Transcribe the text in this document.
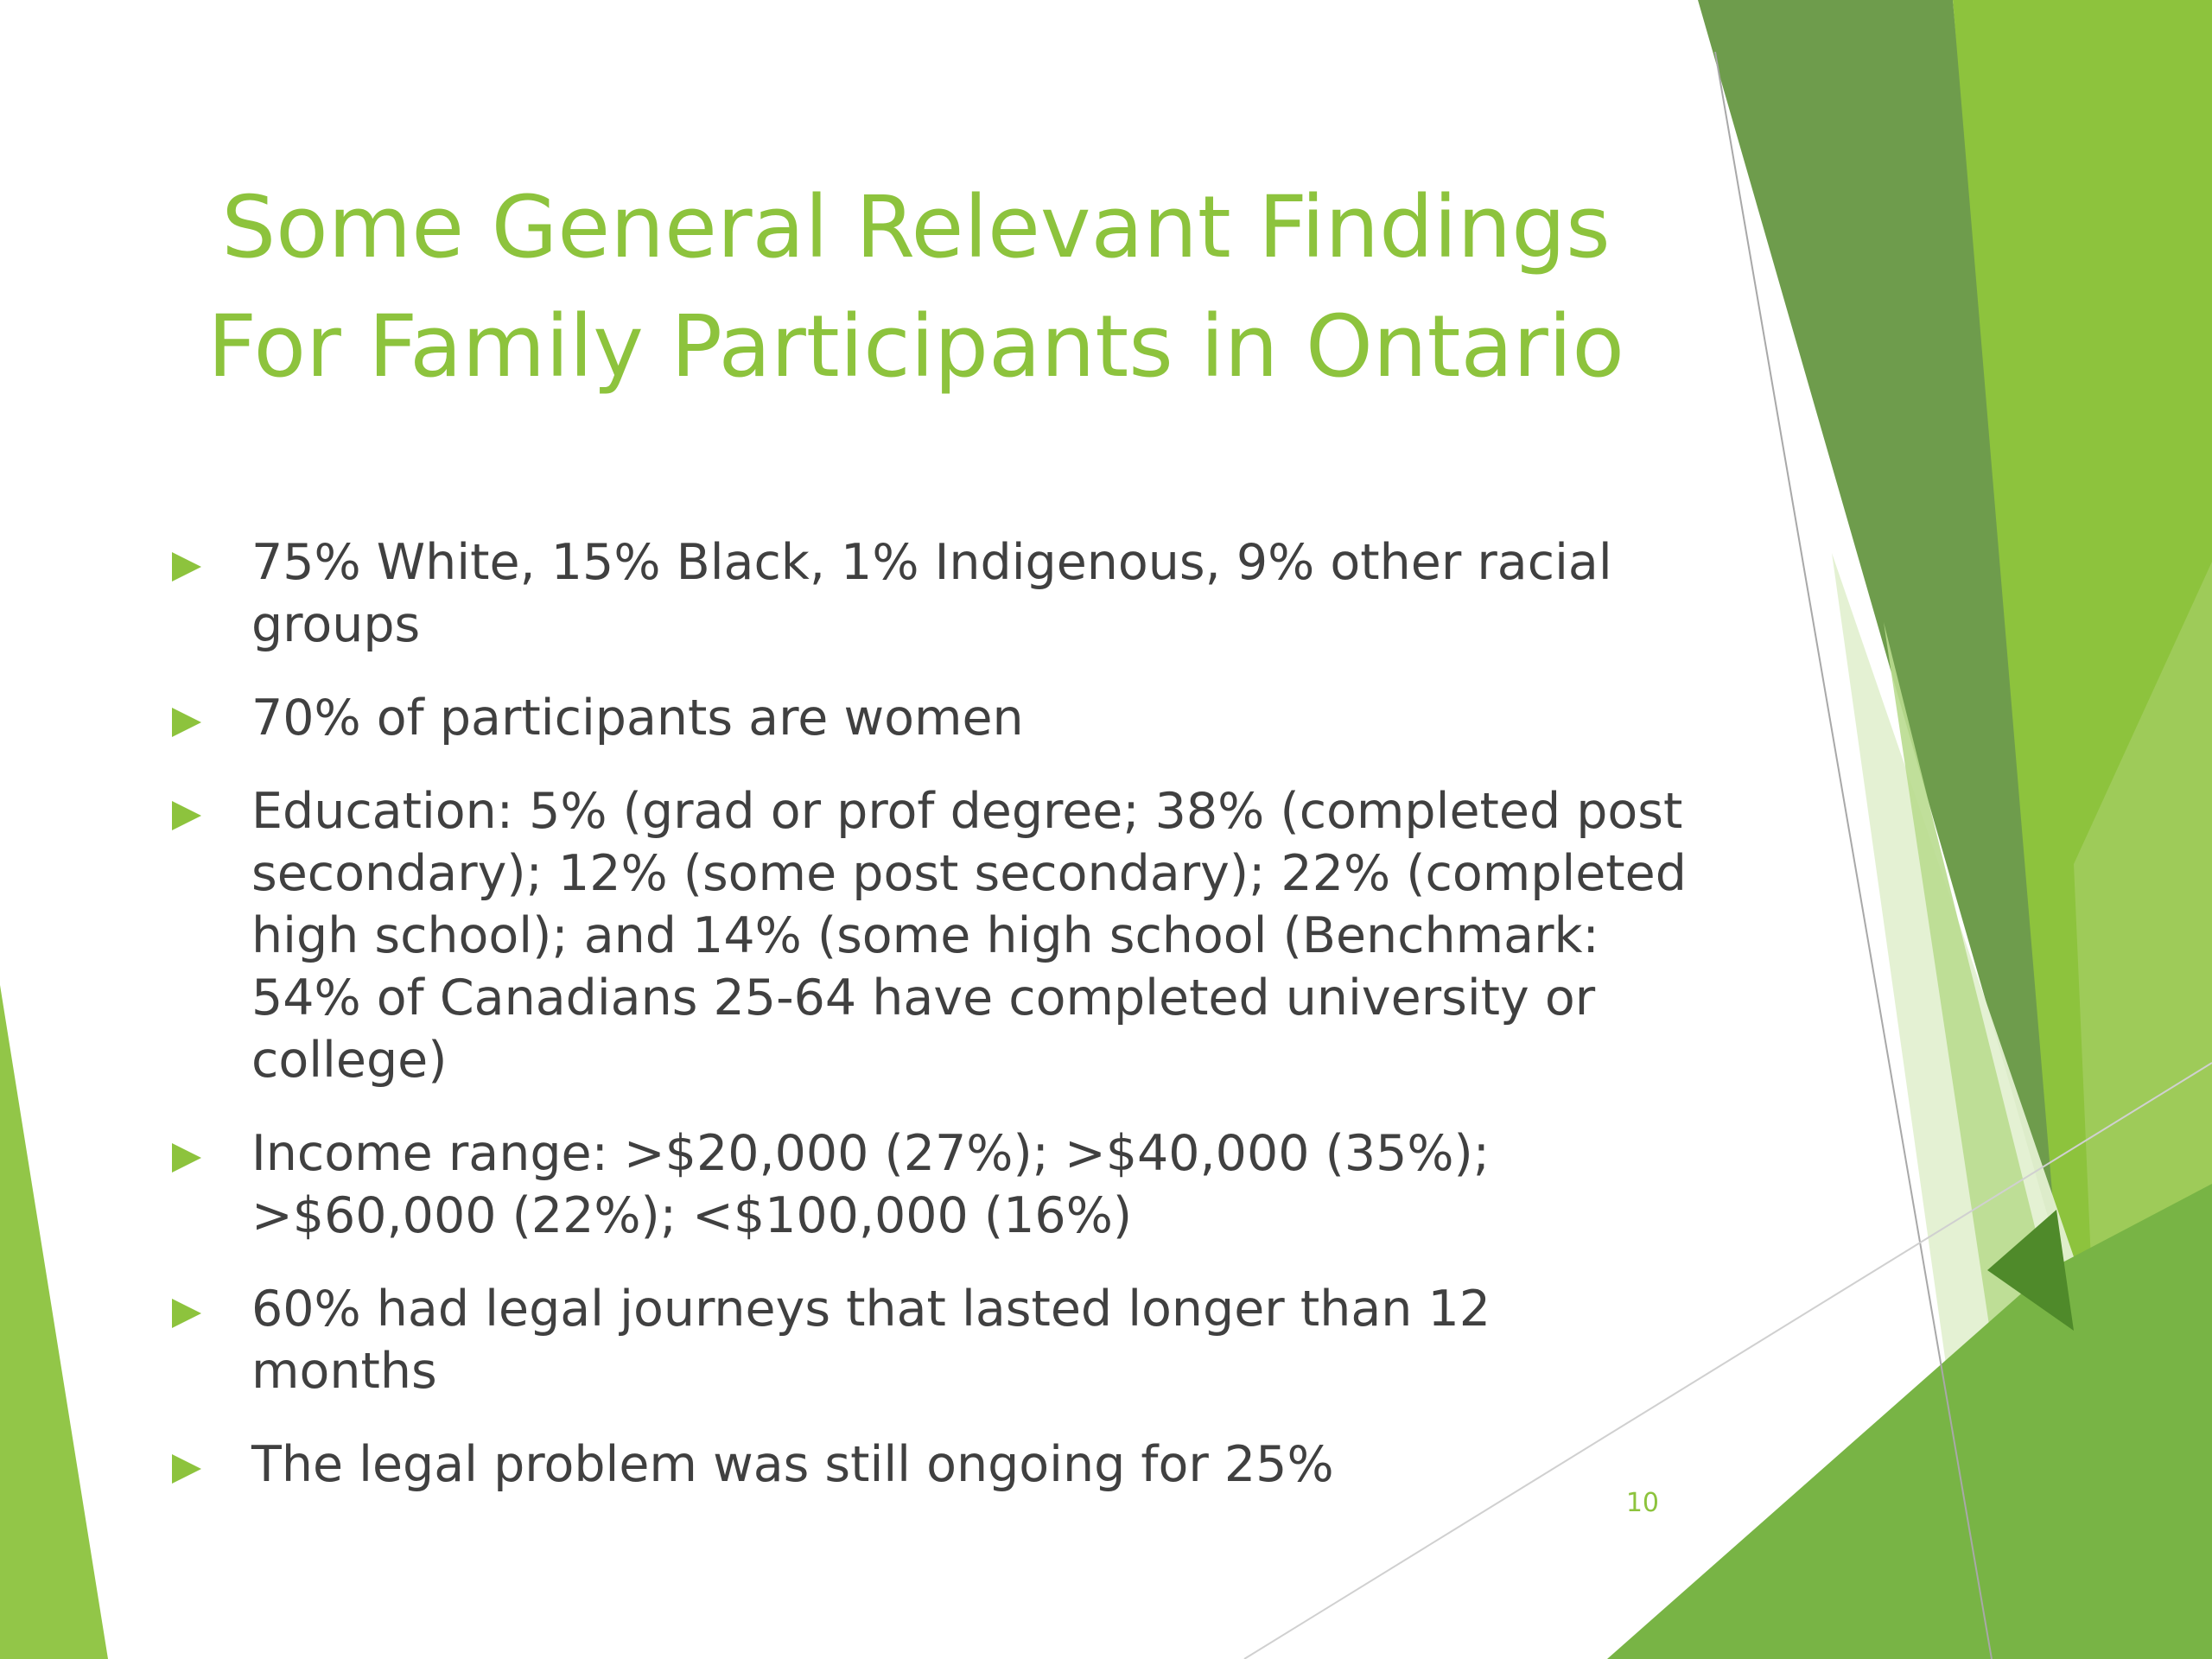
Some General Relevant Findings
For Family Participants in Ontario
75% White, 15% Black, 1% Indigenous, 9% other racial groups
70% of participants are women
Education: 5% (grad or prof degree; 38% (completed post secondary); 12% (some post secondary); 22% (completed high school); and 14% (some high school (Benchmark: 54% of Canadians 25-64 have completed university or college)
Income range: >$20,000 (27%); >$40,000 (35%); >$60,000 (22%); <$100,000 (16%)
60% had legal journeys that lasted longer than 12 months
The legal problem was still ongoing for 25%
10
